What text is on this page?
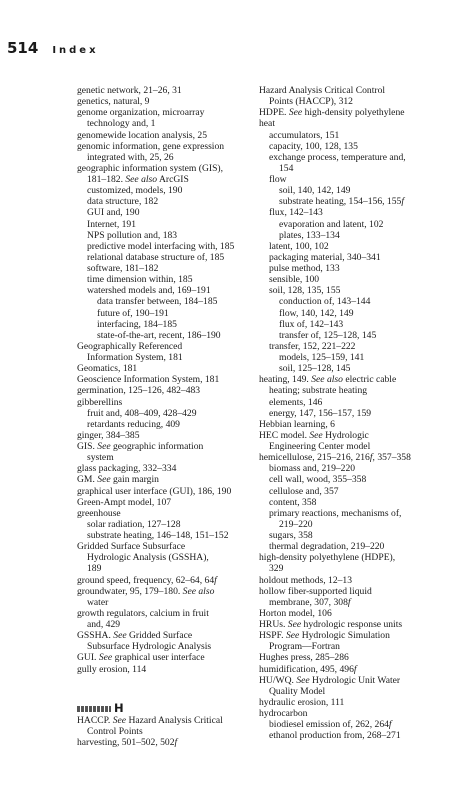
514 Index
genetic network, 21–26, 31
genetics, natural, 9
genome organization, microarray
technology and, 1
genomewide location analysis, 25
genomic information, gene expression
integrated with, 25, 26
geographic information system (GIS),
181–182. See also ArcGIS
customized, models, 190
data structure, 182
GUI and, 190
Internet, 191
NPS pollution and, 183
predictive model interfacing with, 185
relational database structure of, 185
software, 181–182
time dimension within, 185
watershed models and, 169–191
data transfer between, 184–185
future of, 190–191
interfacing, 184–185
state-of-the-art, recent, 186–190
Geographically Referenced
Information System, 181
Geomatics, 181
Geoscience Information System, 181
germination, 125–126, 482–483
gibberellins
fruit and, 408–409, 428–429
retardants reducing, 409
ginger, 384–385
GIS. See geographic information
system
glass packaging, 332–334
GM. See gain margin
graphical user interface (GUI), 186, 190
Green-Ampt model, 107
greenhouse
solar radiation, 127–128
substrate heating, 146–148, 151–152
Gridded Surface Subsurface
Hydrologic Analysis (GSSHA),
189
ground speed, frequency, 62–64, 64f
groundwater, 95, 179–180. See also
water
growth regulators, calcium in fruit
and, 429
GSSHA. See Gridded Surface
Subsurface Hydrologic Analysis
GUI. See graphical user interface
gully erosion, 114
H
HACCP. See Hazard Analysis Critical
Control Points
harvesting, 501–502, 502f
Hazard Analysis Critical Control
Points (HACCP), 312
HDPE. See high-density polyethylene
heat
accumulators, 151
capacity, 100, 128, 135
exchange process, temperature and,
154
flow
soil, 140, 142, 149
substrate heating, 154–156, 155f
flux, 142–143
evaporation and latent, 102
plates, 133–134
latent, 100, 102
packaging material, 340–341
pulse method, 133
sensible, 100
soil, 128, 135, 155
conduction of, 143–144
flow, 140, 142, 149
flux of, 142–143
transfer of, 125–128, 145
transfer, 152, 221–222
models, 125–159, 141
soil, 125–128, 145
heating, 149. See also electric cable
heating; substrate heating
elements, 146
energy, 147, 156–157, 159
Hebbian learning, 6
HEC model. See Hydrologic
Engineering Center model
hemicellulose, 215–216, 216f, 357–358
biomass and, 219–220
cell wall, wood, 355–358
cellulose and, 357
content, 358
primary reactions, mechanisms of,
219–220
sugars, 358
thermal degradation, 219–220
high-density polyethylene (HDPE),
329
holdout methods, 12–13
hollow fiber-supported liquid
membrane, 307, 308f
Horton model, 106
HRUs. See hydrologic response units
HSPF. See Hydrologic Simulation
Program—Fortran
Hughes press, 285–286
humidification, 495, 496f
HU/WQ. See Hydrologic Unit Water
Quality Model
hydraulic erosion, 111
hydrocarbon
biodiesel emission of, 262, 264f
ethanol production from, 268–271
